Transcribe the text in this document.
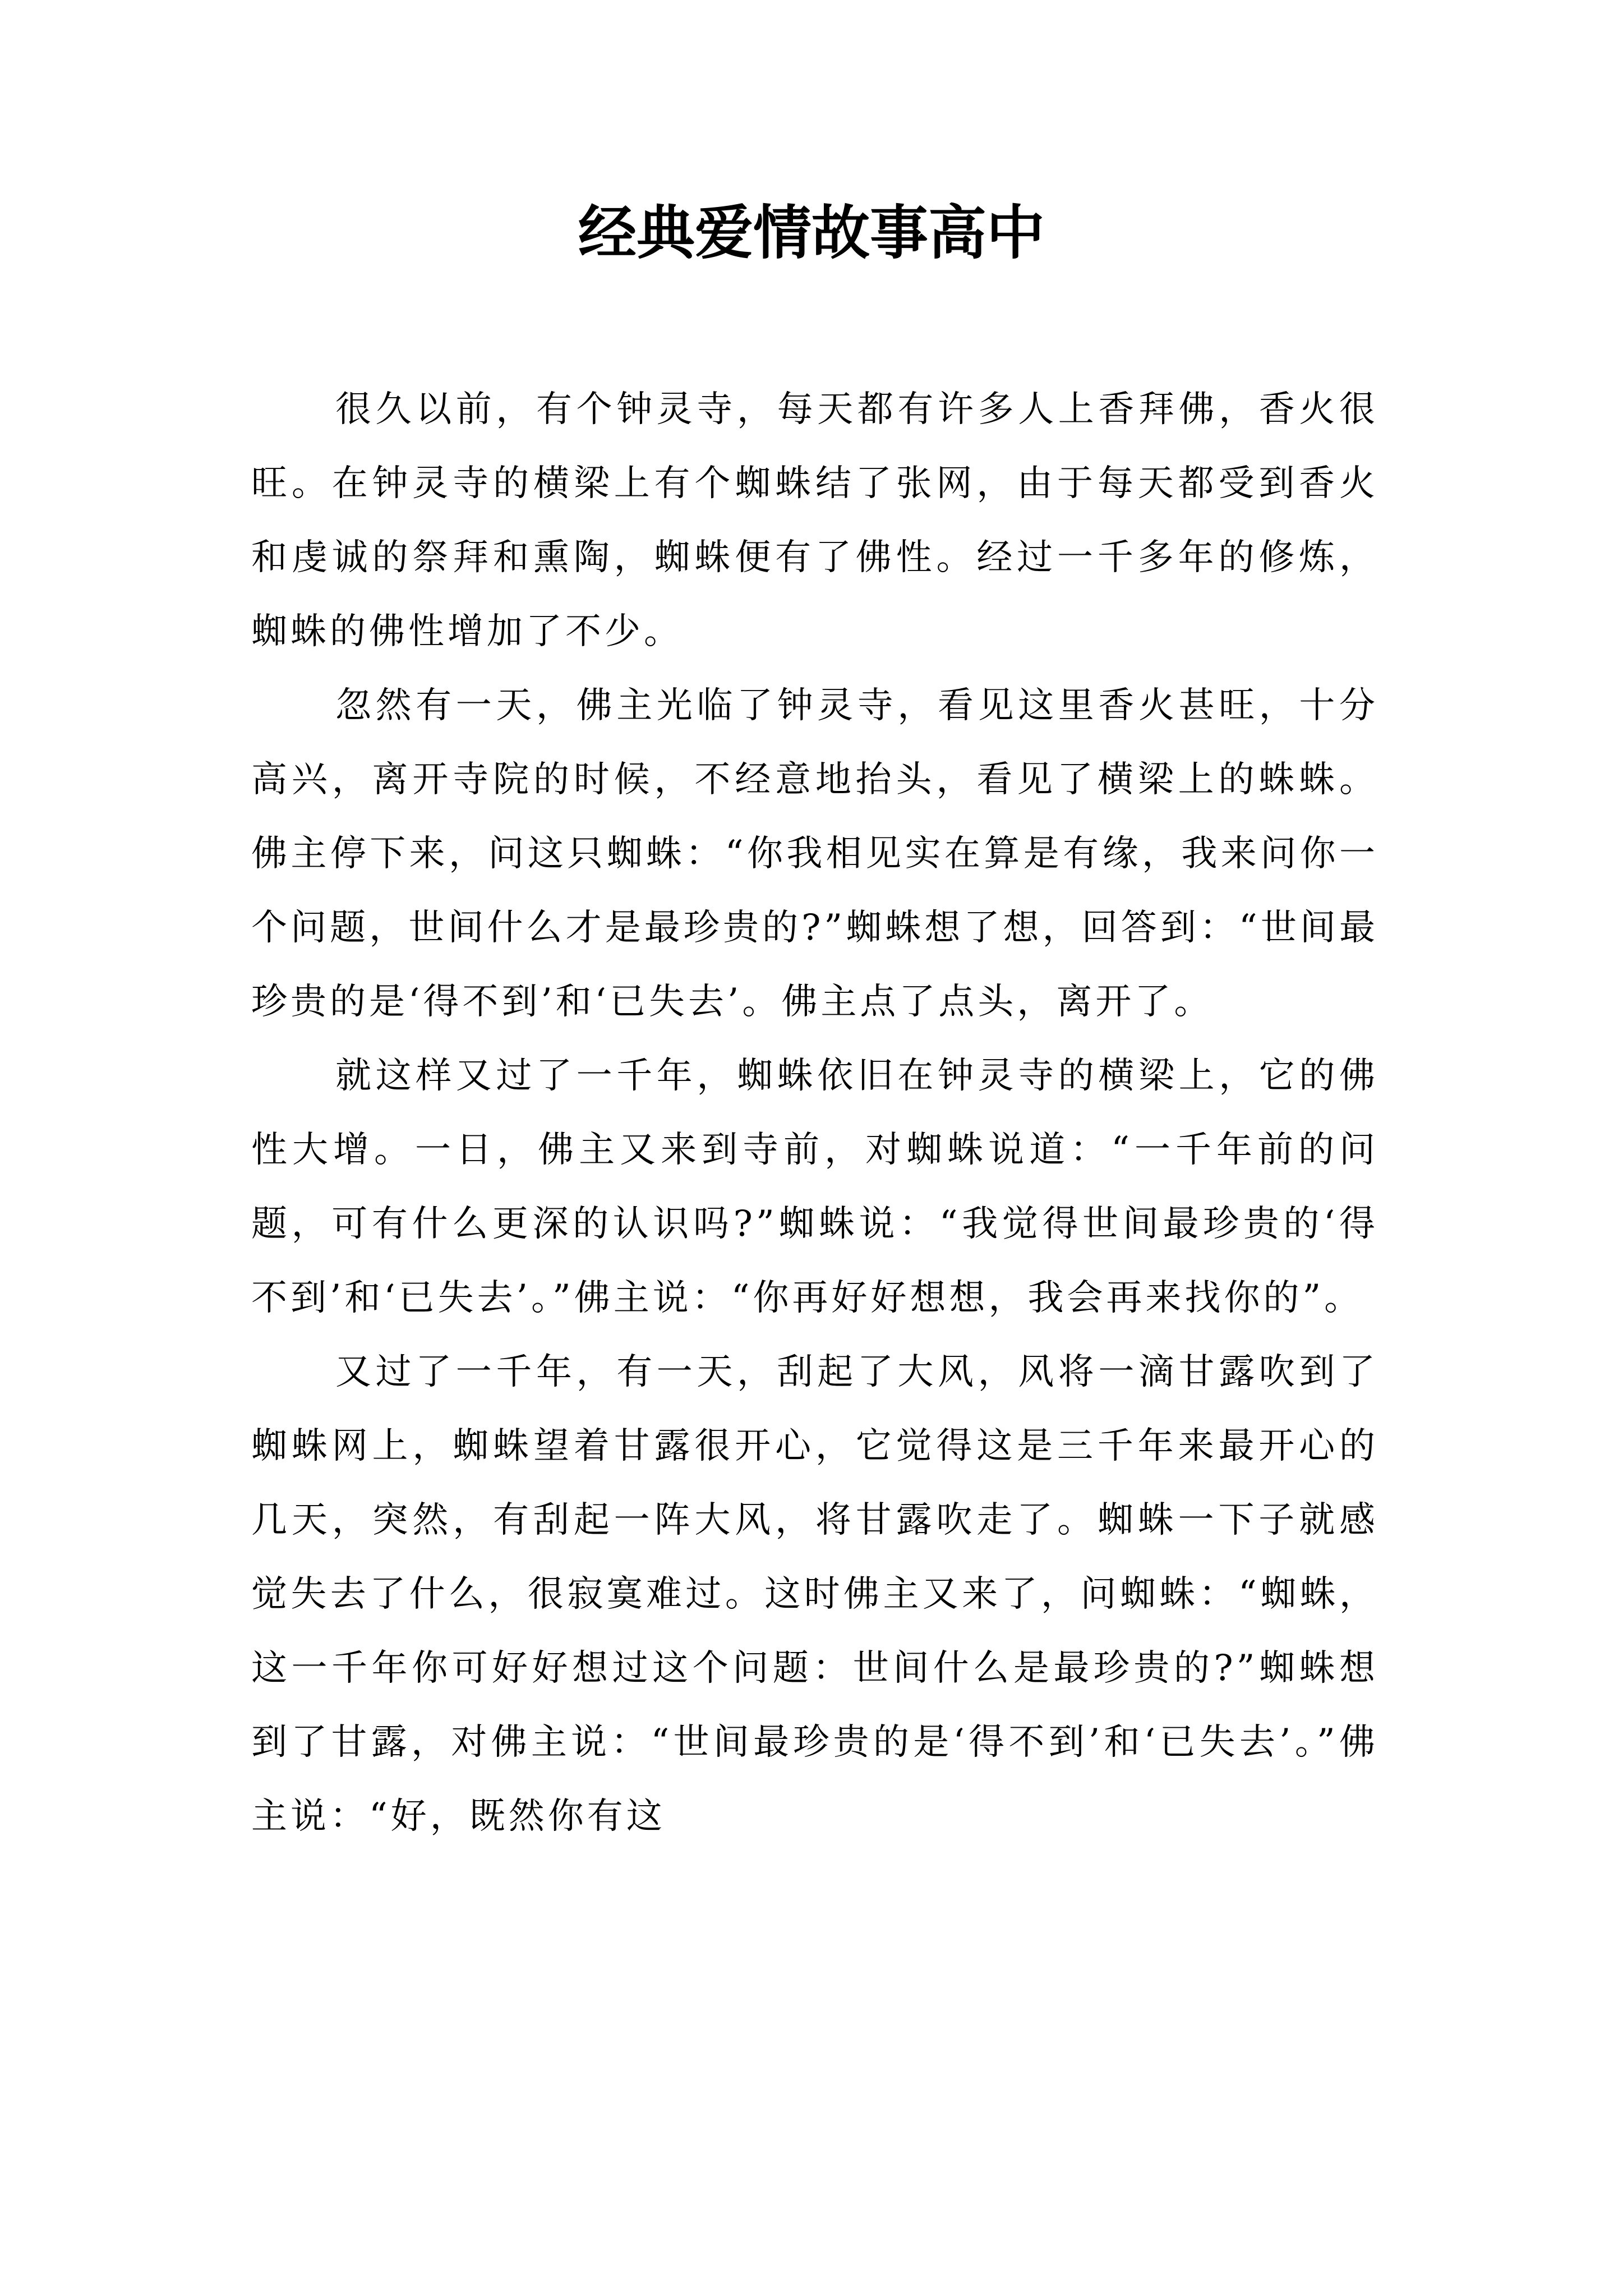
经典爱情故事高中

很久以前，有个钟灵寺，每天都有许多人上香拜佛，香火很旺。在钟灵寺的横梁上有个蜘蛛结了张网，由于每天都受到香火和虔诚的祭拜和熏陶，蜘蛛便有了佛性。经过一千多年的修炼，蜘蛛的佛性增加了不少。

忽然有一天，佛主光临了钟灵寺，看见这里香火甚旺，十分高兴，离开寺院的时候，不经意地抬头，看见了横梁上的蛛蛛。佛主停下来，问这只蜘蛛：“你我相见实在算是有缘，我来问你一个问题，世间什么才是最珍贵的?”蜘蛛想了想，回答到：“世间最珍贵的是‘得不到’和‘已失去’。佛主点了点头，离开了。

就这样又过了一千年，蜘蛛依旧在钟灵寺的横梁上，它的佛性大增。一日，佛主又来到寺前，对蜘蛛说道：“一千年前的问题，可有什么更深的认识吗?”蜘蛛说：“我觉得世间最珍贵的‘得不到’和‘已失去’。”佛主说：“你再好好想想，我会再来找你的”。

又过了一千年，有一天，刮起了大风，风将一滴甘露吹到了蜘蛛网上，蜘蛛望着甘露很开心，它觉得这是三千年来最开心的几天，突然，有刮起一阵大风，将甘露吹走了。蜘蛛一下子就感觉失去了什么，很寂寞难过。这时佛主又来了，问蜘蛛：“蜘蛛，这一千年你可好好想过这个问题：世间什么是最珍贵的?”蜘蛛想到了甘露，对佛主说：“世间最珍贵的是‘得不到’和‘已失去’。”佛主说：“好，既然你有这
